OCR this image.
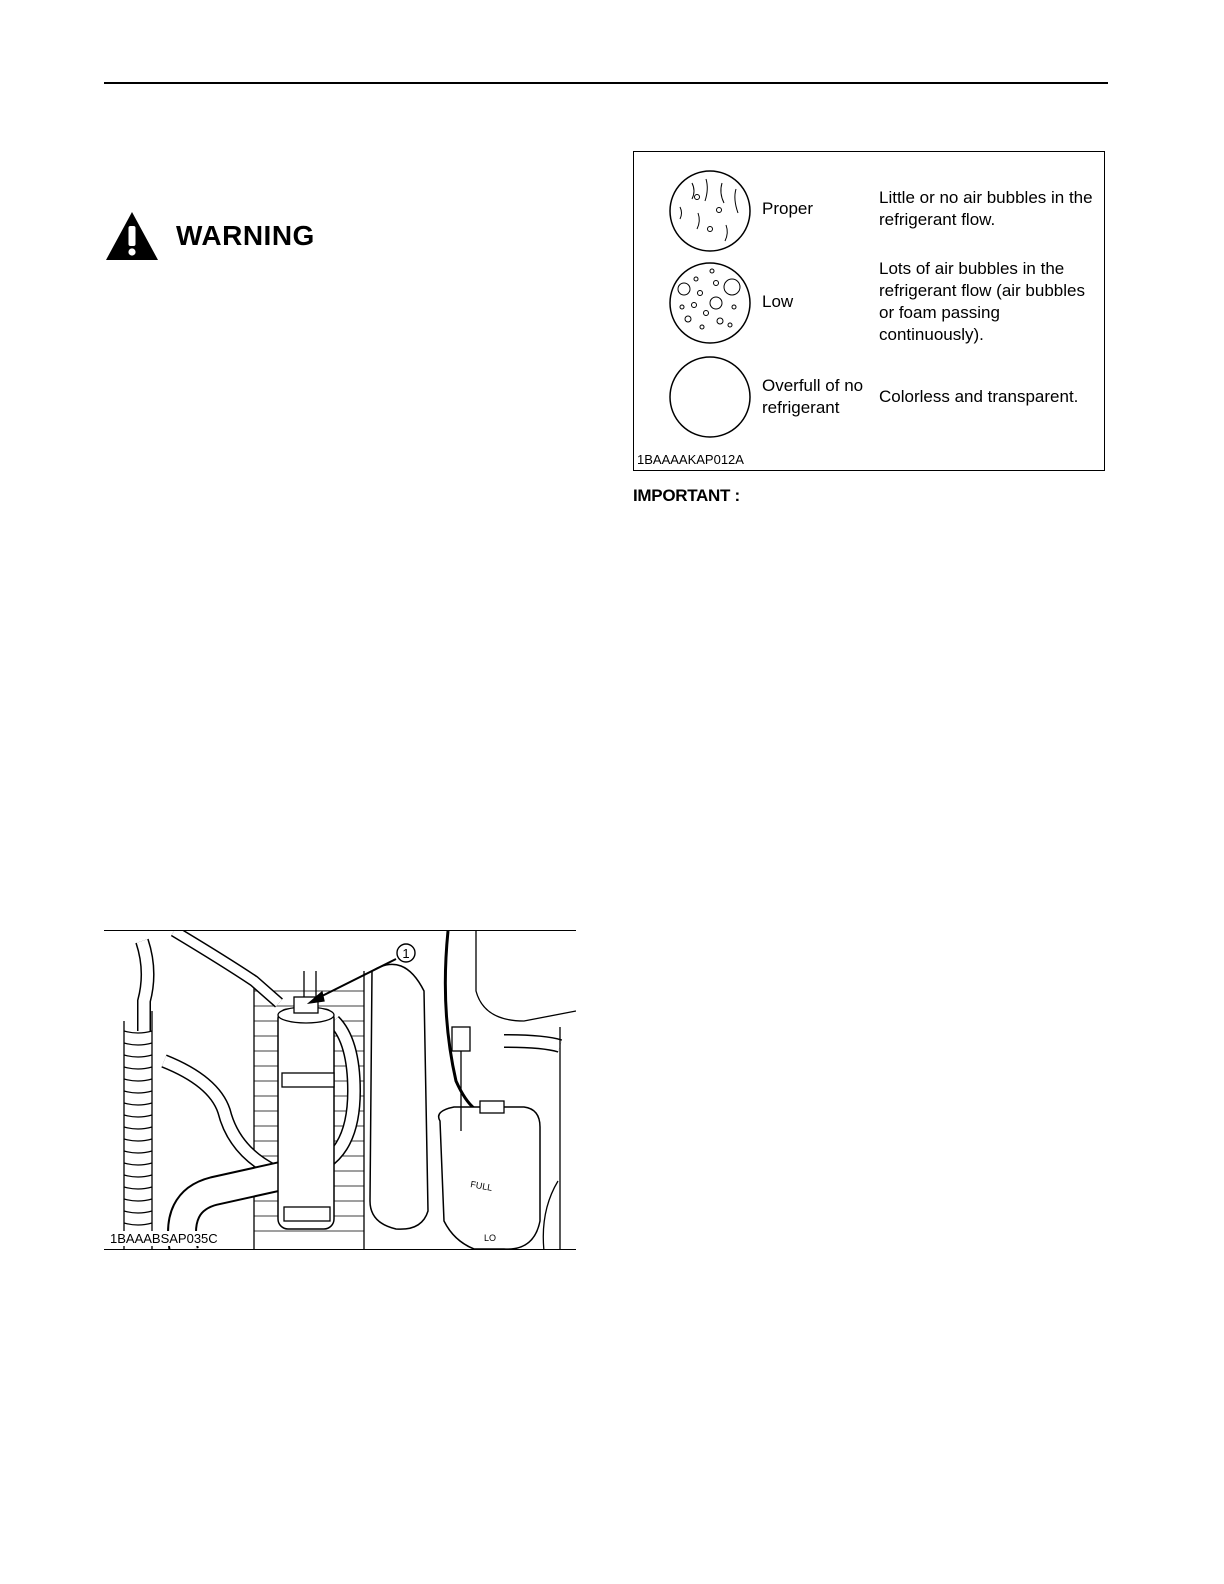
WARNING
Proper
Little or no air bubbles in the refrigerant flow.
Low
Lots of air bubbles in the refrigerant flow (air bubbles or foam passing continuously).
Overfull of no refrigerant
Colorless and transparent.
1BAAAAKAP012A
IMPORTANT :
1
FULL
LO
1BAAABSAP035C
